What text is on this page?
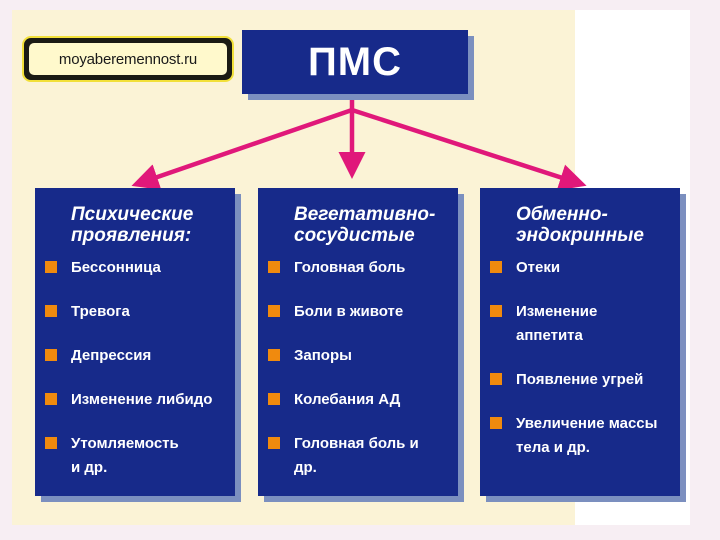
moyaberemennost.ru	ПМС
Психические
проявления:
Бессонница
Тревога
Депрессия
Изменение либидо
Утомляемость
и др.
Вегетативно-
сосудистые
Головная боль
Боли в животе
Запоры
Колебания АД
Головная боль и
др.
Обменно-
эндокринные
Отеки
Изменение
аппетита
Появление угрей
Увеличение массы
тела и др.
